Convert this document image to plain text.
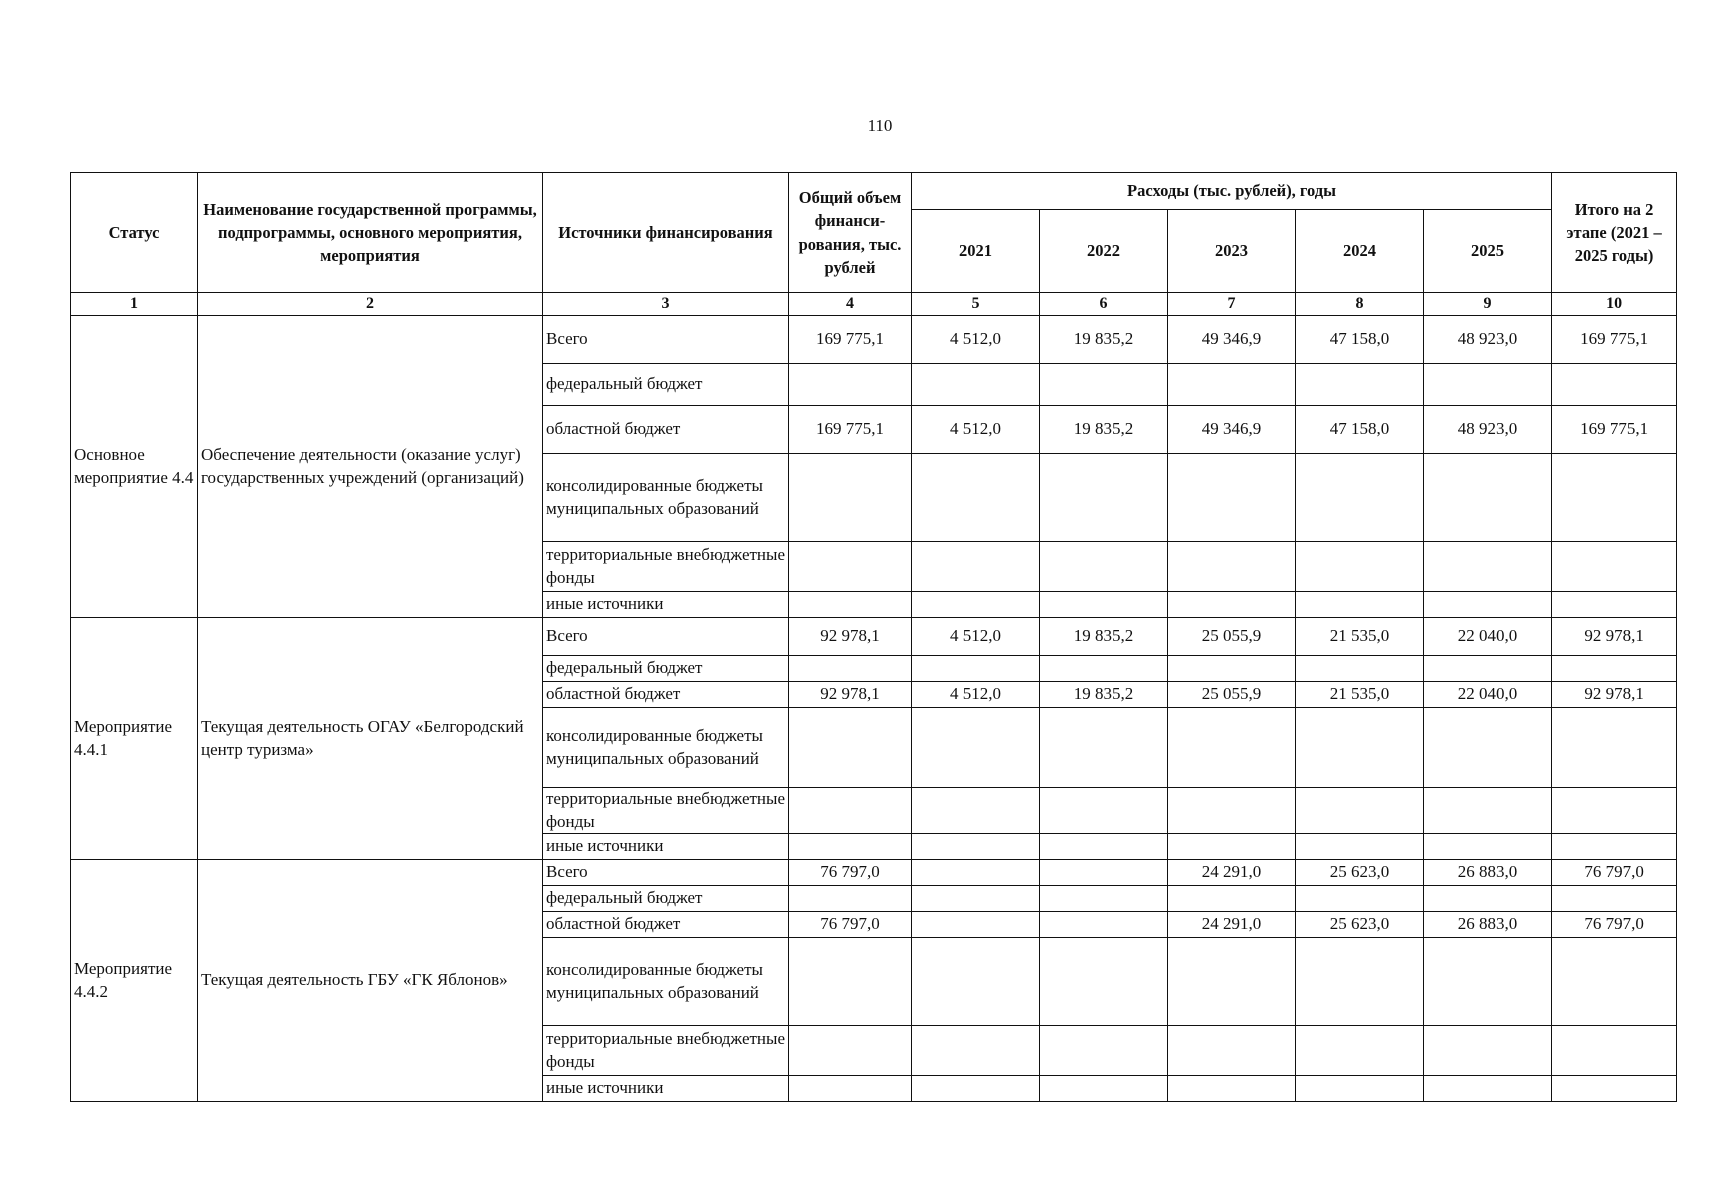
110
Статус	Наименование государственной программы, подпрограммы, основного мероприятия, мероприятия	Источники финансирования	Общий объем финанси-рования, тыс. рублей	Расходы (тыс. рублей), годы					Итого на 2 этапе (2021 – 2025 годы)
				2021	2022	2023	2024	2025	
1	2	3	4	5	6	7	8	9	10
Основное мероприятие 4.4	Обеспечение деятельности (оказание услуг) государственных учреждений (организаций)	Всего	169 775,1	4 512,0	19 835,2	49 346,9	47 158,0	48 923,0	169 775,1
		федеральный бюджет							
		областной бюджет	169 775,1	4 512,0	19 835,2	49 346,9	47 158,0	48 923,0	169 775,1
		консолидированные бюджеты муниципальных образований							
		территориальные внебюджетные фонды							
		иные источники							
Мероприятие 4.4.1	Текущая деятельность ОГАУ «Белгородский центр туризма»	Всего	92 978,1	4 512,0	19 835,2	25 055,9	21 535,0	22 040,0	92 978,1
		федеральный бюджет							
		областной бюджет	92 978,1	4 512,0	19 835,2	25 055,9	21 535,0	22 040,0	92 978,1
		консолидированные бюджеты муниципальных образований							
		территориальные внебюджетные фонды							
		иные источники							
Мероприятие 4.4.2	Текущая деятельность ГБУ «ГК Яблонов»	Всего	76 797,0			24 291,0	25 623,0	26 883,0	76 797,0
		федеральный бюджет							
		областной бюджет	76 797,0			24 291,0	25 623,0	26 883,0	76 797,0
		консолидированные бюджеты муниципальных образований							
		территориальные внебюджетные фонды							
		иные источники							
